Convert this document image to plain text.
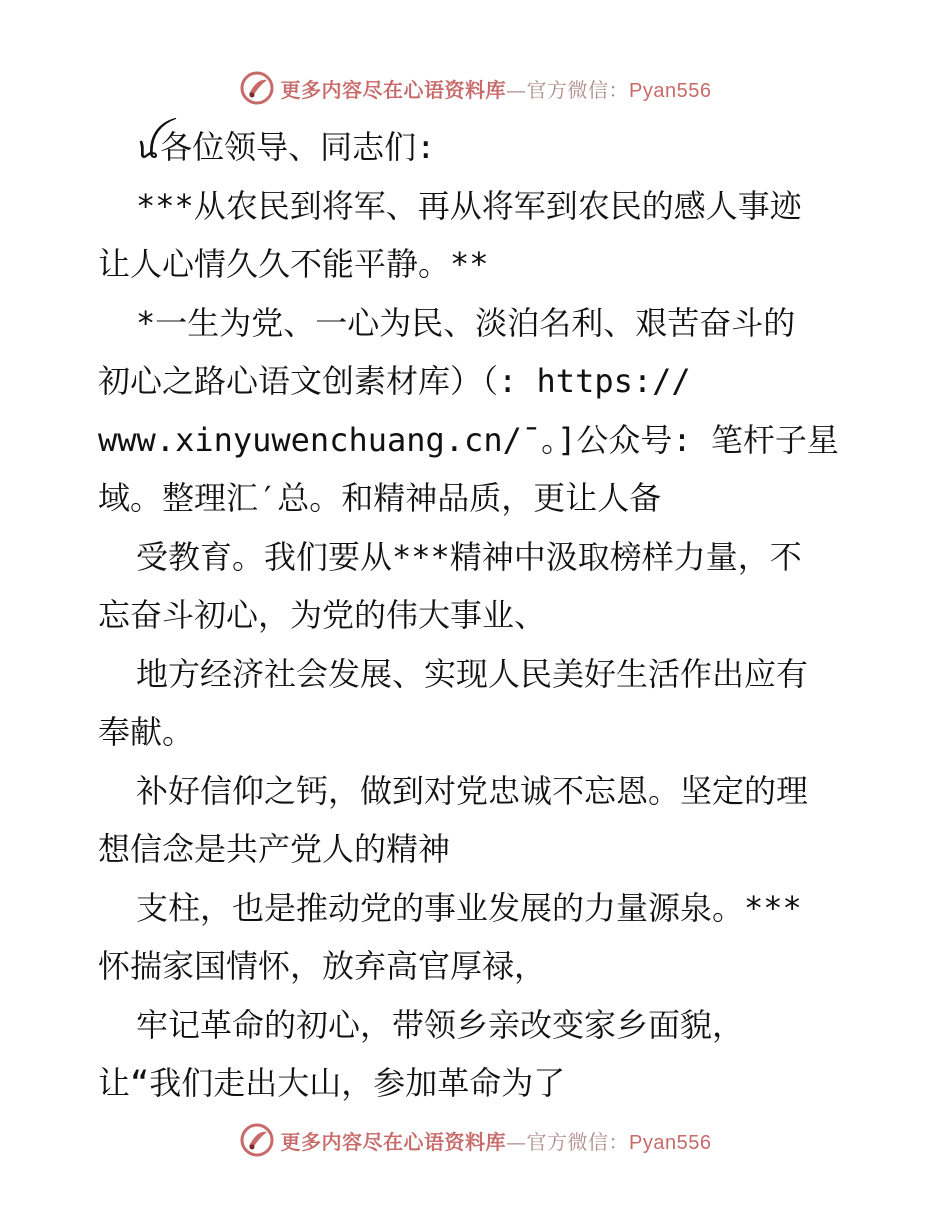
更多内容尽在心语资料库—官方微信：Pyan556
ꪊ各位领导、同志们:
***从农民到将军、再从将军到农民的感人事迹
让人心情久久不能平静。**
*一生为党、一心为民、淡泊名利、艰苦奋斗的
初心之路心语文创素材库）（: https://
www.xinyuwenchuang.cn/¯。]公众号: 笔杆子星
域。整理汇′总。和精神品质，更让人备
受教育。我们要从***精神中汲取榜样力量，不
忘奋斗初心，为党的伟大事业、
地方经济社会发展、实现人民美好生活作出应有
奉献。
补好信仰之钙，做到对党忠诚不忘恩。坚定的理
想信念是共产党人的精神
支柱，也是推动党的事业发展的力量源泉。***
怀揣家国情怀，放弃高官厚禄，
牢记革命的初心，带领乡亲改变家乡面貌，
让“我们走出大山，参加革命为了
更多内容尽在心语资料库—官方微信：Pyan556
